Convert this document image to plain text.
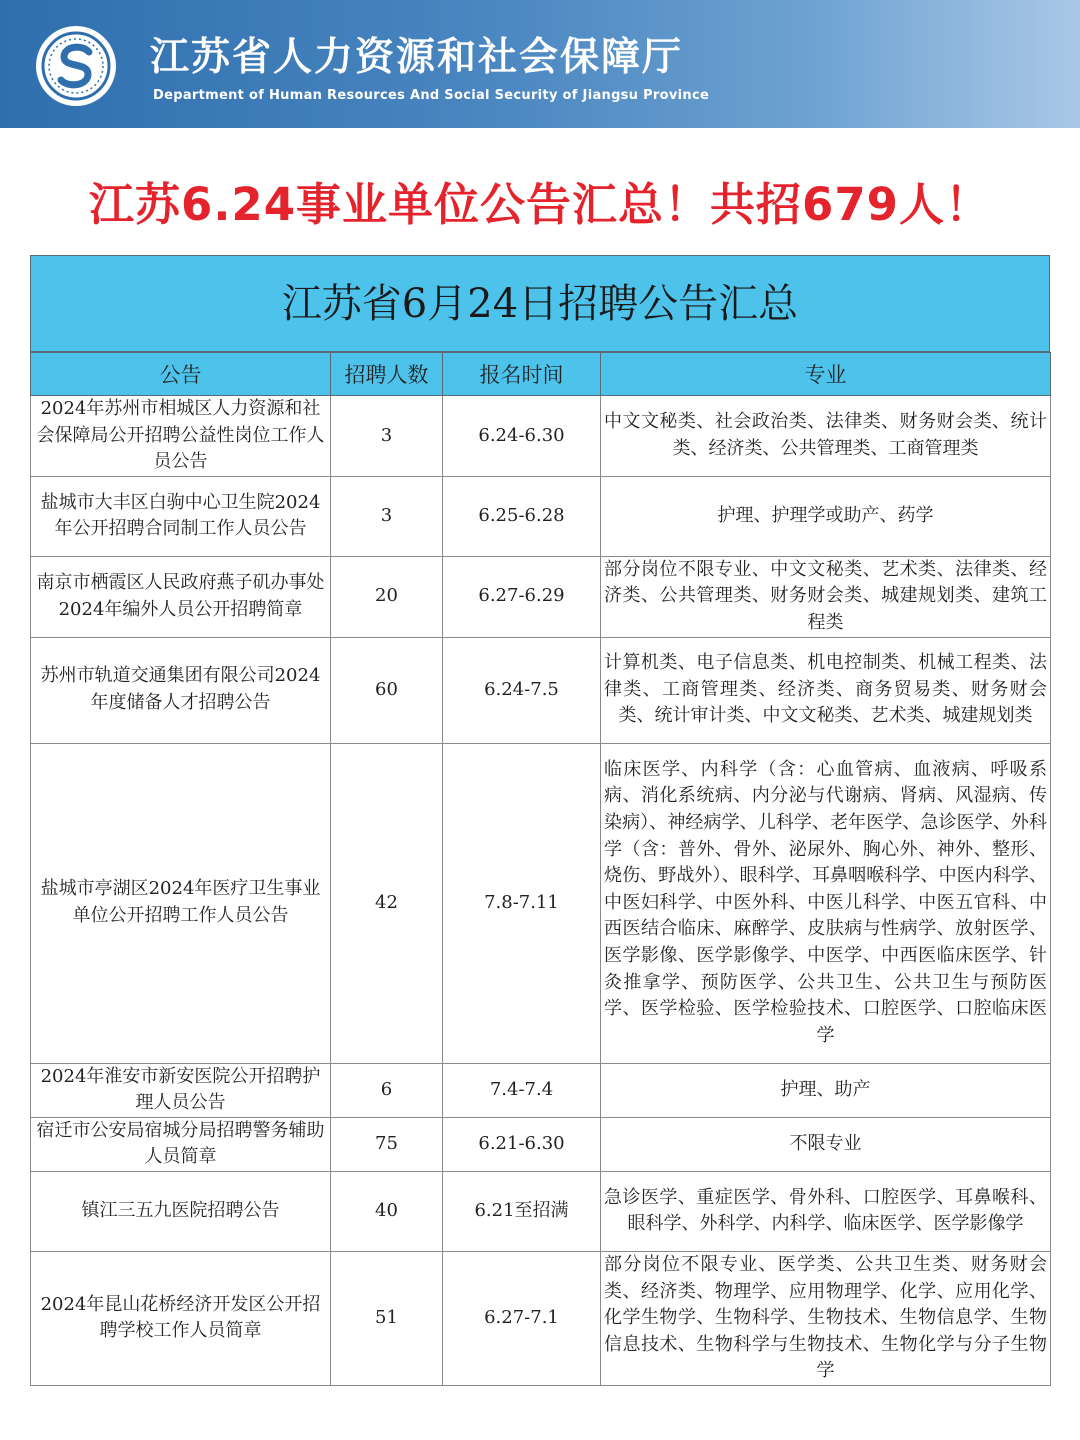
江苏省人力资源和社会保障厅
Department of Human Resources And Social Security of Jiangsu Province
江苏6.24事业单位公告汇总！共招679人！
江苏省6月24日招聘公告汇总
公告	招聘人数	报名时间	专业
2024年苏州市相城区人力资源和社会保障局公开招聘公益性岗位工作人员公告	3	6.24-6.30	中文文秘类、社会政治类、法律类、财务财会类、统计类、经济类、公共管理类、工商管理类
盐城市大丰区白驹中心卫生院2024年公开招聘合同制工作人员公告	3	6.25-6.28	护理、护理学或助产、药学
南京市栖霞区人民政府燕子矶办事处2024年编外人员公开招聘简章	20	6.27-6.29	部分岗位不限专业、中文文秘类、艺术类、法律类、经济类、公共管理类、财务财会类、城建规划类、建筑工程类
苏州市轨道交通集团有限公司2024年度储备人才招聘公告	60	6.24-7.5	计算机类、电子信息类、机电控制类、机械工程类、法律类、工商管理类、经济类、商务贸易类、财务财会类、统计审计类、中文文秘类、艺术类、城建规划类
盐城市亭湖区2024年医疗卫生事业单位公开招聘工作人员公告	42	7.8-7.11	临床医学、内科学（含：心血管病、血液病、呼吸系病、消化系统病、内分泌与代谢病、肾病、风湿病、传染病）、神经病学、儿科学、老年医学、急诊医学、外科学（含：普外、骨外、泌尿外、胸心外、神外、整形、烧伤、野战外）、眼科学、耳鼻咽喉科学、中医内科学、中医妇科学、中医外科、中医儿科学、中医五官科、中西医结合临床、麻醉学、皮肤病与性病学、放射医学、医学影像、医学影像学、中医学、中西医临床医学、针灸推拿学、预防医学、公共卫生、公共卫生与预防医学、医学检验、医学检验技术、口腔医学、口腔临床医学
2024年淮安市新安医院公开招聘护理人员公告	6	7.4-7.4	护理、助产
宿迁市公安局宿城分局招聘警务辅助人员简章	75	6.21-6.30	不限专业
镇江三五九医院招聘公告	40	6.21至招满	急诊医学、重症医学、骨外科、口腔医学、耳鼻喉科、眼科学、外科学、内科学、临床医学、医学影像学
2024年昆山花桥经济开发区公开招聘学校工作人员简章	51	6.27-7.1	部分岗位不限专业、医学类、公共卫生类、财务财会类、经济类、物理学、应用物理学、化学、应用化学、化学生物学、生物科学、生物技术、生物信息学、生物信息技术、生物科学与生物技术、生物化学与分子生物学
